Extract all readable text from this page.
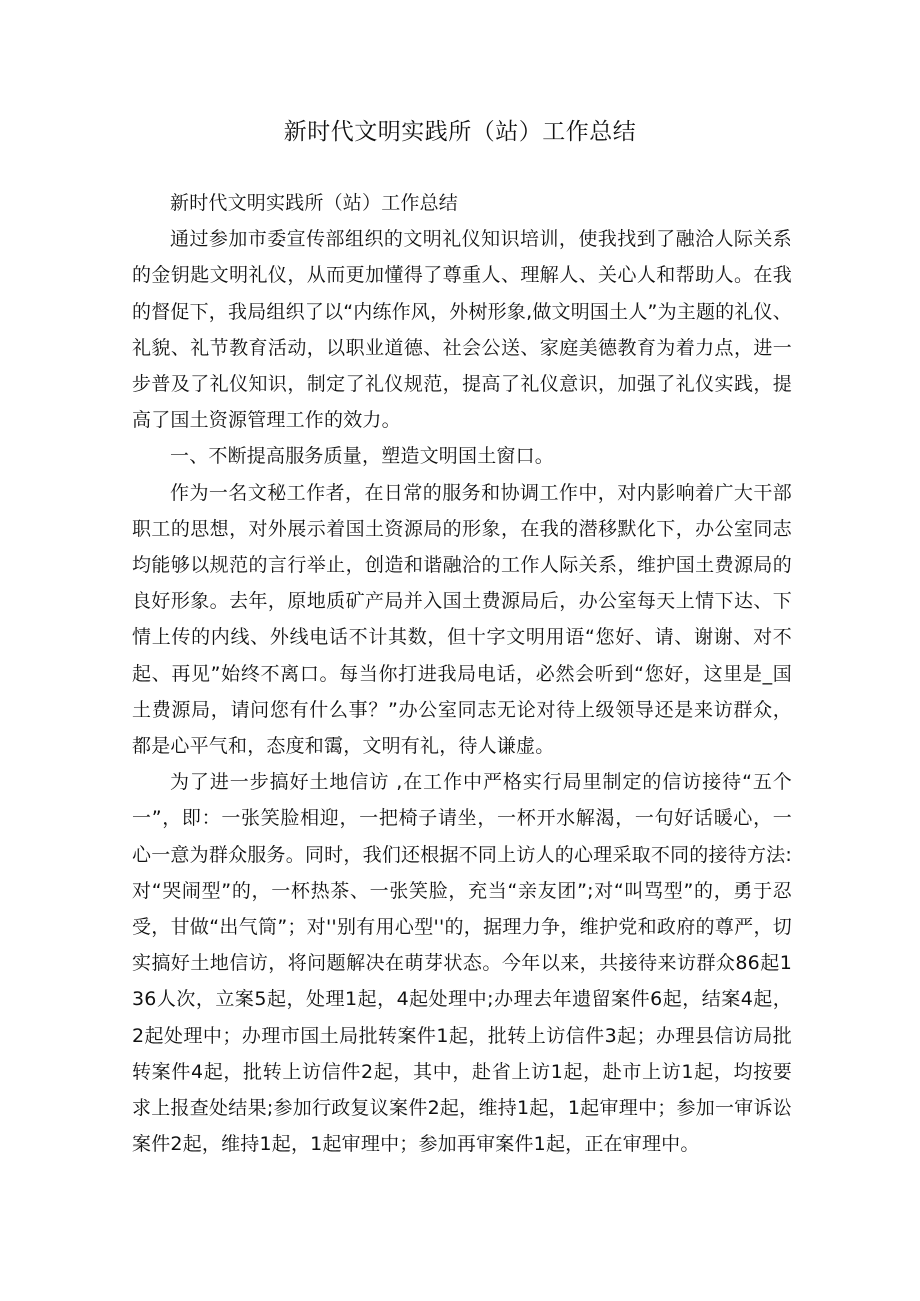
新时代文明实践所（站）工作总结

新时代文明实践所（站）工作总结

通过参加市委宣传部组织的文明礼仪知识培训，使我找到了融洽人际关系的金钥匙文明礼仪，从而更加懂得了尊重人、理解人、关心人和帮助人。在我的督促下，我局组织了以“内练作风，外树形象,做文明国土人”为主题的礼仪、礼貌、礼节教育活动，以职业道德、社会公送、家庭美德教育为着力点，进一步普及了礼仪知识，制定了礼仪规范，提高了礼仪意识，加强了礼仪实践，提高了国土资源管理工作的效力。

一、不断提高服务质量，塑造文明国土窗口。

作为一名文秘工作者，在日常的服务和协调工作中，对内影响着广大干部职工的思想，对外展示着国土资源局的形象，在我的潜移默化下，办公室同志均能够以规范的言行举止，创造和谐融洽的工作人际关系，维护国土费源局的良好形象。去年，原地质矿产局并入国土费源局后，办公室每天上情下达、下情上传的内线、外线电话不计其数，但十字文明用语“您好、请、谢谢、对不起、再见”始终不离口。每当你打进我局电话，必然会听到“您好，这里是_国土费源局，请问您有什么事？”办公室同志无论对待上级领导还是来访群众，都是心平气和，态度和霭，文明有礼，待人谦虚。

为了进一步搞好土地信访 ,在工作中严格实行局里制定的信访接待“五个一”，即：一张笑脸相迎，一把椅子请坐，一杯开水解渴，一句好话暖心，一心一意为群众服务。同时，我们还根据不同上访人的心理采取不同的接待方法:对“哭闹型”的，一杯热茶、一张笑脸，充当“亲友团”;对“叫骂型”的，勇于忍受，甘做“出气筒”；对''别有用心型''的，据理力争，维护党和政府的尊严，切实搞好土地信访，将问题解决在萌芽状态。今年以来，共接待来访群众86起136人次，立案5起，处理1起，4起处理中;办理去年遗留案件6起，结案4起，2起处理中；办理市国土局批转案件1起，批转上访信件3起；办理县信访局批转案件4起，批转上访信件2起，其中，赴省上访1起，赴市上访1起，均按要求上报查处结果;参加行政复议案件2起，维持1起，1起审理中；参加一审诉讼案件2起，维持1起，1起审理中；参加再审案件1起，正在审理中。
